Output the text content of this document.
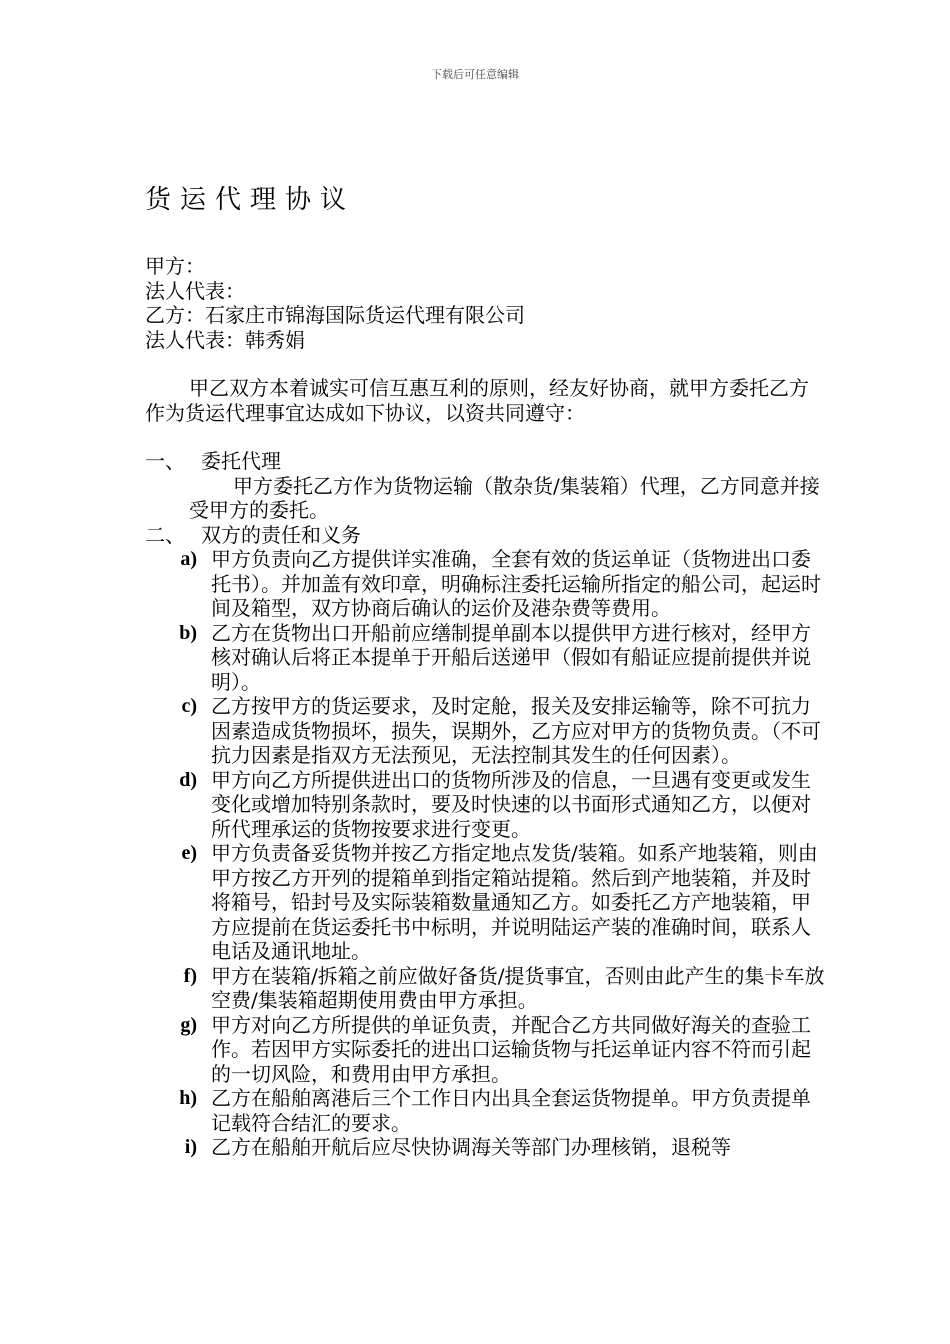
下载后可任意编辑
货运代理协议
甲方：
法人代表：
乙方：石家庄市锦海国际货运代理有限公司
法人代表：韩秀娟
甲乙双方本着诚实可信互惠互利的原则，经友好协商，就甲方委托乙方作为货运代理事宜达成如下协议，以资共同遵守：
一、 委托代理
甲方委托乙方作为货物运输（散杂货/集装箱）代理，乙方同意并接受甲方的委托。
二、 双方的责任和义务
a) 甲方负责向乙方提供详实准确，全套有效的货运单证（货物进出口委托书）。并加盖有效印章，明确标注委托运输所指定的船公司，起运时间及箱型，双方协商后确认的运价及港杂费等费用。
b) 乙方在货物出口开船前应缮制提单副本以提供甲方进行核对，经甲方核对确认后将正本提单于开船后送递甲（假如有船证应提前提供并说明）。
c) 乙方按甲方的货运要求，及时定舱，报关及安排运输等，除不可抗力因素造成货物损坏，损失，误期外，乙方应对甲方的货物负责。（不可抗力因素是指双方无法预见，无法控制其发生的任何因素）。
d) 甲方向乙方所提供进出口的货物所涉及的信息，一旦遇有变更或发生变化或增加特别条款时，要及时快速的以书面形式通知乙方，以便对所代理承运的货物按要求进行变更。
e) 甲方负责备妥货物并按乙方指定地点发货/装箱。如系产地装箱，则由甲方按乙方开列的提箱单到指定箱站提箱。然后到产地装箱，并及时将箱号，铅封号及实际装箱数量通知乙方。如委托乙方产地装箱，甲方应提前在货运委托书中标明，并说明陆运产装的准确时间，联系人电话及通讯地址。
f) 甲方在装箱/拆箱之前应做好备货/提货事宜，否则由此产生的集卡车放空费/集装箱超期使用费由甲方承担。
g) 甲方对向乙方所提供的单证负责，并配合乙方共同做好海关的查验工作。若因甲方实际委托的进出口运输货物与托运单证内容不符而引起的一切风险，和费用由甲方承担。
h) 乙方在船舶离港后三个工作日内出具全套运货物提单。甲方负责提单记载符合结汇的要求。
i) 乙方在船舶开航后应尽快协调海关等部门办理核销，退税等
